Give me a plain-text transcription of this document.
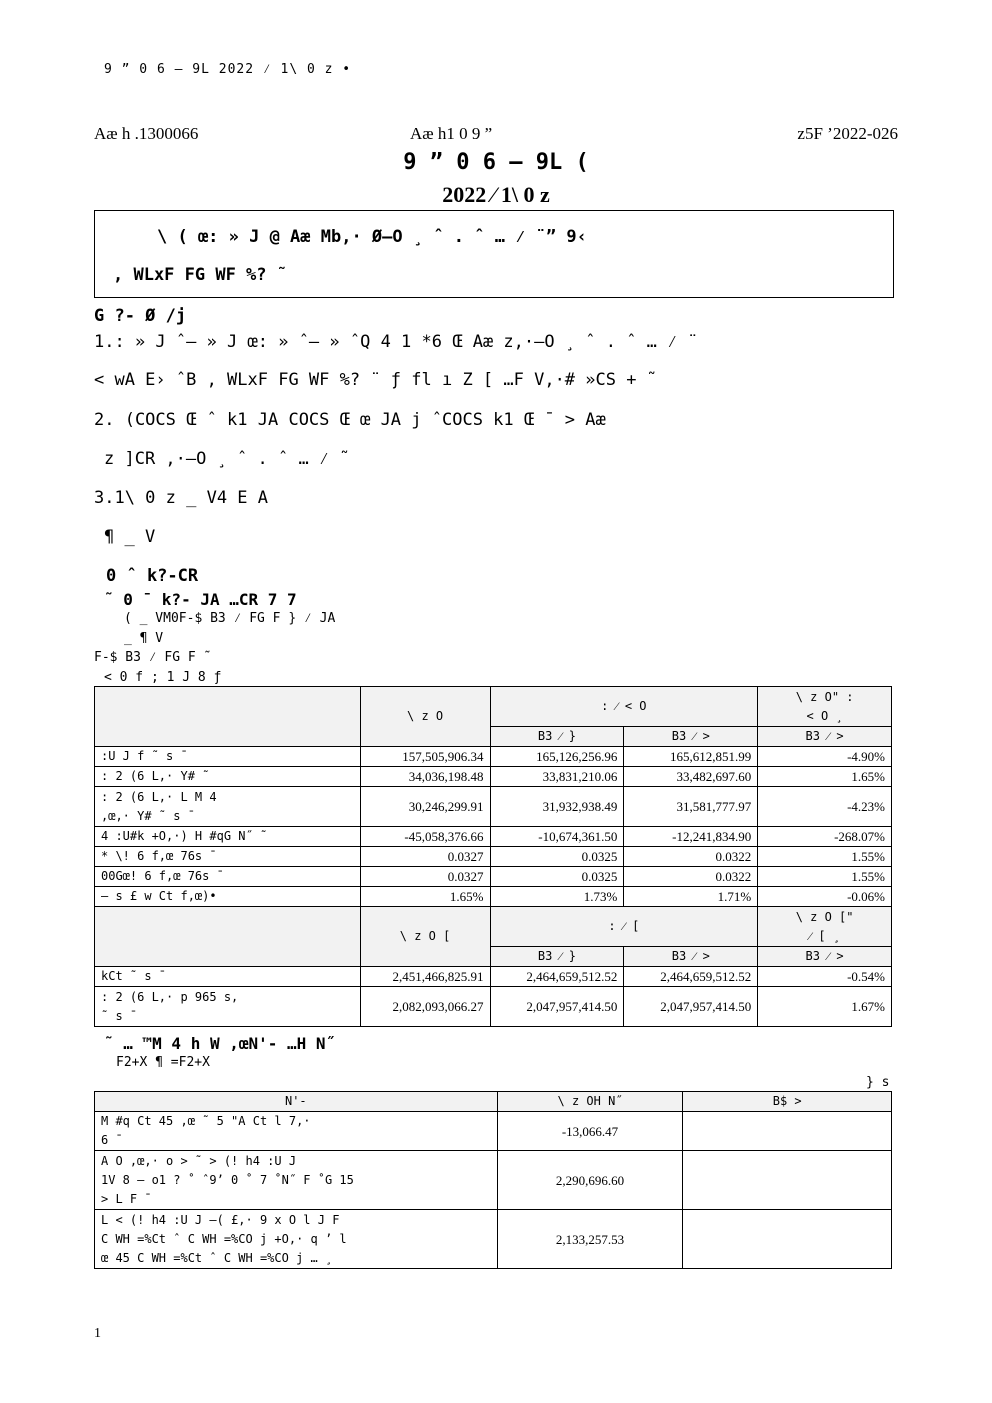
9 ” 0 6 – 9L 2022 ⁄ 1\ 0 z •
Aæ h .1300066	Aæ h1 0 9 ”	z5F ’2022-026
9 ” 0 6 – 9L (
2022 ⁄ 1\ 0 z
\ ( œ: » J @ Aæ Mb,· Ø–O ¸ ˆ . ˆ … ⁄ ¨” 9‹
, WLxF FG WF %? ˜
G ?- Ø /j
1.: » J ˆ– » J œ: » ˆ– » ˆQ 4 1 *6 Œ Aæ z,·–O ¸ ˆ . ˆ … ⁄ ¨
< wA E› ˆB , WLxF FG WF %? ¨ ƒ fl ı Z [ …F V,·# »CS + ˜
2. (COCS Œ ˆ k1 JA COCS Œ œ JA j ˆCOCS k1 Œ ¯ > Aæ
z ]CR ,·–O ¸ ˆ . ˆ … ⁄ ˜
3.1\ 0 z _ V4 E A
¶ _ V
0 ˆ k?-CR
˜ 0 ¯ k?- JA …CR 7 7
( _ VM0F-$ B3 ⁄ FG F } ⁄ JA
_ ¶ V
F-$ B3 ⁄ FG F ˜
< 0 f ; 1 J 8 ƒ
	\ z O	: ⁄ < O		\ z O" :
< O ¸

		B3 ⁄ }	B3 ⁄ >	B3 ⁄ >
:U J f ˜ s ¯	157,505,906.34	165,126,256.96	165,612,851.99	-4.90%
: 2 (6 L,· Y# ˜	34,036,198.48	33,831,210.06	33,482,697.60	1.65%

: 2 (6 L,· L M 4
,œ,· Y# ˜ s ¯	30,246,299.91	31,932,938.49	31,581,777.97	-4.23%
4 :U#k +O,·) H #qG N˝ ˜	-45,058,376.66	-10,674,361.50	-12,241,834.90	-268.07%
* \! 6 f,œ 76s ¯	0.0327	0.0325	0.0322	1.55%
00Gœ! 6 f,œ 76s ¯	0.0327	0.0325	0.0322	1.55%
– s £ w Ct f,œ)•	1.65%	1.73%	1.71%	-0.06%
	\ z O [	: ⁄ [		\ z O ["
⁄ [ ¸

		B3 ⁄ }	B3 ⁄ >	B3 ⁄ >
kCt ˜ s ¯	2,451,466,825.91	2,464,659,512.52	2,464,659,512.52	-0.54%

: 2 (6 L,· p 965 s,
˜ s ¯	2,082,093,066.27	2,047,957,414.50	2,047,957,414.50	1.67%
˜ … ™M 4 h W ,œN'- …H N˝
F2+X ¶ =F2+X
} s
N'-	\ z OH N˝	B$ >

M #q Ct 45 ,œ ˜ 5 "A Ct l 7,·
6 ¯	-13,066.47	

A O ,œ,· o > ˜ > (! h4 :U J
1V 8 – o1 ? ˚ ˆ9’ 0 ˚ 7 ˚N˝ F ˚G 15
> L F ¯	2,290,696.60	

L < (! h4 :U J –( £,· 9 x O l J F
C WH =%Ct ˆ C WH =%CO j +O,· q ’ l
œ 45 C WH =%Ct ˆ C WH =%CO j … ¸	2,133,257.53	
1
